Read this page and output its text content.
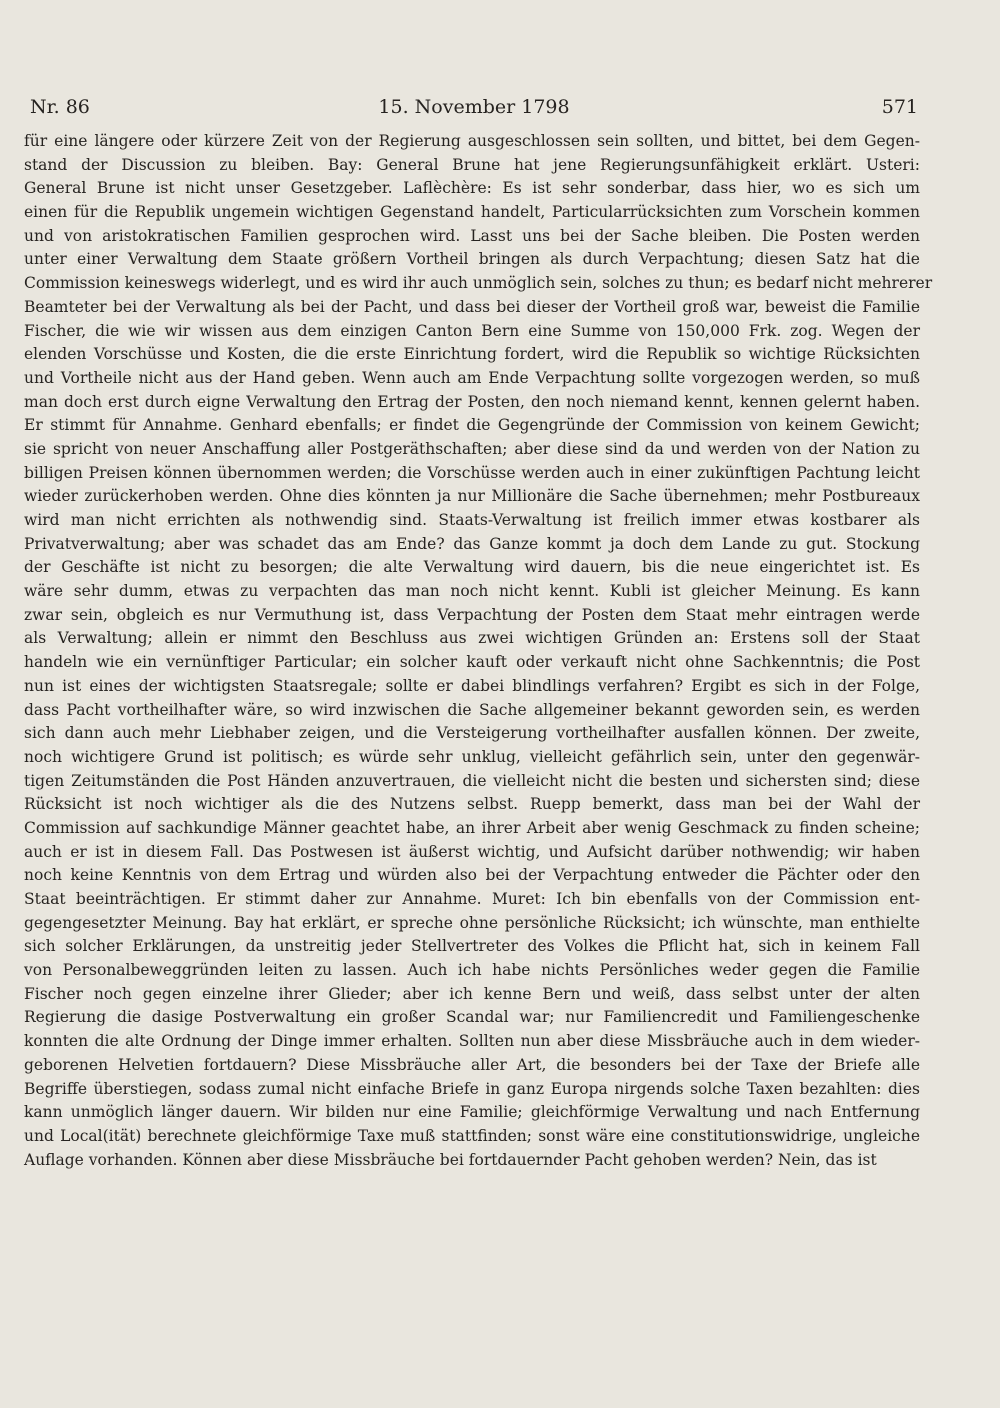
Nr. 86	15. November 1798	571
für eine längere oder kürzere Zeit von der Regierung ausgeschlossen sein sollten, und bittet, bei dem Gegen-
stand der Discussion zu bleiben. Bay: General Brune hat jene Regierungsunfähigkeit erklärt. Usteri:
General Brune ist nicht unser Gesetzgeber. Laflèchère: Es ist sehr sonderbar, dass hier, wo es sich um
einen für die Republik ungemein wichtigen Gegenstand handelt, Particularrücksichten zum Vorschein kommen
und von aristokratischen Familien gesprochen wird. Lasst uns bei der Sache bleiben. Die Posten werden
unter einer Verwaltung dem Staate größern Vortheil bringen als durch Verpachtung; diesen Satz hat die
Commission keineswegs widerlegt, und es wird ihr auch unmöglich sein, solches zu thun; es bedarf nicht mehrerer
Beamteter bei der Verwaltung als bei der Pacht, und dass bei dieser der Vortheil groß war, beweist die Familie
Fischer, die wie wir wissen aus dem einzigen Canton Bern eine Summe von 150,000 Frk. zog. Wegen der
elenden Vorschüsse und Kosten, die die erste Einrichtung fordert, wird die Republik so wichtige Rücksichten
und Vortheile nicht aus der Hand geben. Wenn auch am Ende Verpachtung sollte vorgezogen werden, so muß
man doch erst durch eigne Verwaltung den Ertrag der Posten, den noch niemand kennt, kennen gelernt haben.
Er stimmt für Annahme. Genhard ebenfalls; er findet die Gegengründe der Commission von keinem Gewicht;
sie spricht von neuer Anschaffung aller Postgeräthschaften; aber diese sind da und werden von der Nation zu
billigen Preisen können übernommen werden; die Vorschüsse werden auch in einer zukünftigen Pachtung leicht
wieder zurückerhoben werden. Ohne dies könnten ja nur Millionäre die Sache übernehmen; mehr Postbureaux
wird man nicht errichten als nothwendig sind. Staats-Verwaltung ist freilich immer etwas kostbarer als
Privatverwaltung; aber was schadet das am Ende? das Ganze kommt ja doch dem Lande zu gut. Stockung
der Geschäfte ist nicht zu besorgen; die alte Verwaltung wird dauern, bis die neue eingerichtet ist. Es
wäre sehr dumm, etwas zu verpachten das man noch nicht kennt. Kubli ist gleicher Meinung. Es kann
zwar sein, obgleich es nur Vermuthung ist, dass Verpachtung der Posten dem Staat mehr eintragen werde
als Verwaltung; allein er nimmt den Beschluss aus zwei wichtigen Gründen an: Erstens soll der Staat
handeln wie ein vernünftiger Particular; ein solcher kauft oder verkauft nicht ohne Sachkenntnis; die Post
nun ist eines der wichtigsten Staatsregale; sollte er dabei blindlings verfahren? Ergibt es sich in der Folge,
dass Pacht vortheilhafter wäre, so wird inzwischen die Sache allgemeiner bekannt geworden sein, es werden
sich dann auch mehr Liebhaber zeigen, und die Versteigerung vortheilhafter ausfallen können. Der zweite,
noch wichtigere Grund ist politisch; es würde sehr unklug, vielleicht gefährlich sein, unter den gegenwär-
tigen Zeitumständen die Post Händen anzuvertrauen, die vielleicht nicht die besten und sichersten sind; diese
Rücksicht ist noch wichtiger als die des Nutzens selbst. Ruepp bemerkt, dass man bei der Wahl der
Commission auf sachkundige Männer geachtet habe, an ihrer Arbeit aber wenig Geschmack zu finden scheine;
auch er ist in diesem Fall. Das Postwesen ist äußerst wichtig, und Aufsicht darüber nothwendig; wir haben
noch keine Kenntnis von dem Ertrag und würden also bei der Verpachtung entweder die Pächter oder den
Staat beeinträchtigen. Er stimmt daher zur Annahme. Muret: Ich bin ebenfalls von der Commission ent-
gegengesetzter Meinung. Bay hat erklärt, er spreche ohne persönliche Rücksicht; ich wünschte, man enthielte
sich solcher Erklärungen, da unstreitig jeder Stellvertreter des Volkes die Pflicht hat, sich in keinem Fall
von Personalbeweggründen leiten zu lassen. Auch ich habe nichts Persönliches weder gegen die Familie
Fischer noch gegen einzelne ihrer Glieder; aber ich kenne Bern und weiß, dass selbst unter der alten
Regierung die dasige Postverwaltung ein großer Scandal war; nur Familiencredit und Familiengeschenke
konnten die alte Ordnung der Dinge immer erhalten. Sollten nun aber diese Missbräuche auch in dem wieder-
geborenen Helvetien fortdauern? Diese Missbräuche aller Art, die besonders bei der Taxe der Briefe alle
Begriffe überstiegen, sodass zumal nicht einfache Briefe in ganz Europa nirgends solche Taxen bezahlten: dies
kann unmöglich länger dauern. Wir bilden nur eine Familie; gleichförmige Verwaltung und nach Entfernung
und Local(ität) berechnete gleichförmige Taxe muß stattfinden; sonst wäre eine constitutionswidrige, ungleiche
Auflage vorhanden. Können aber diese Missbräuche bei fortdauernder Pacht gehoben werden? Nein, das ist
